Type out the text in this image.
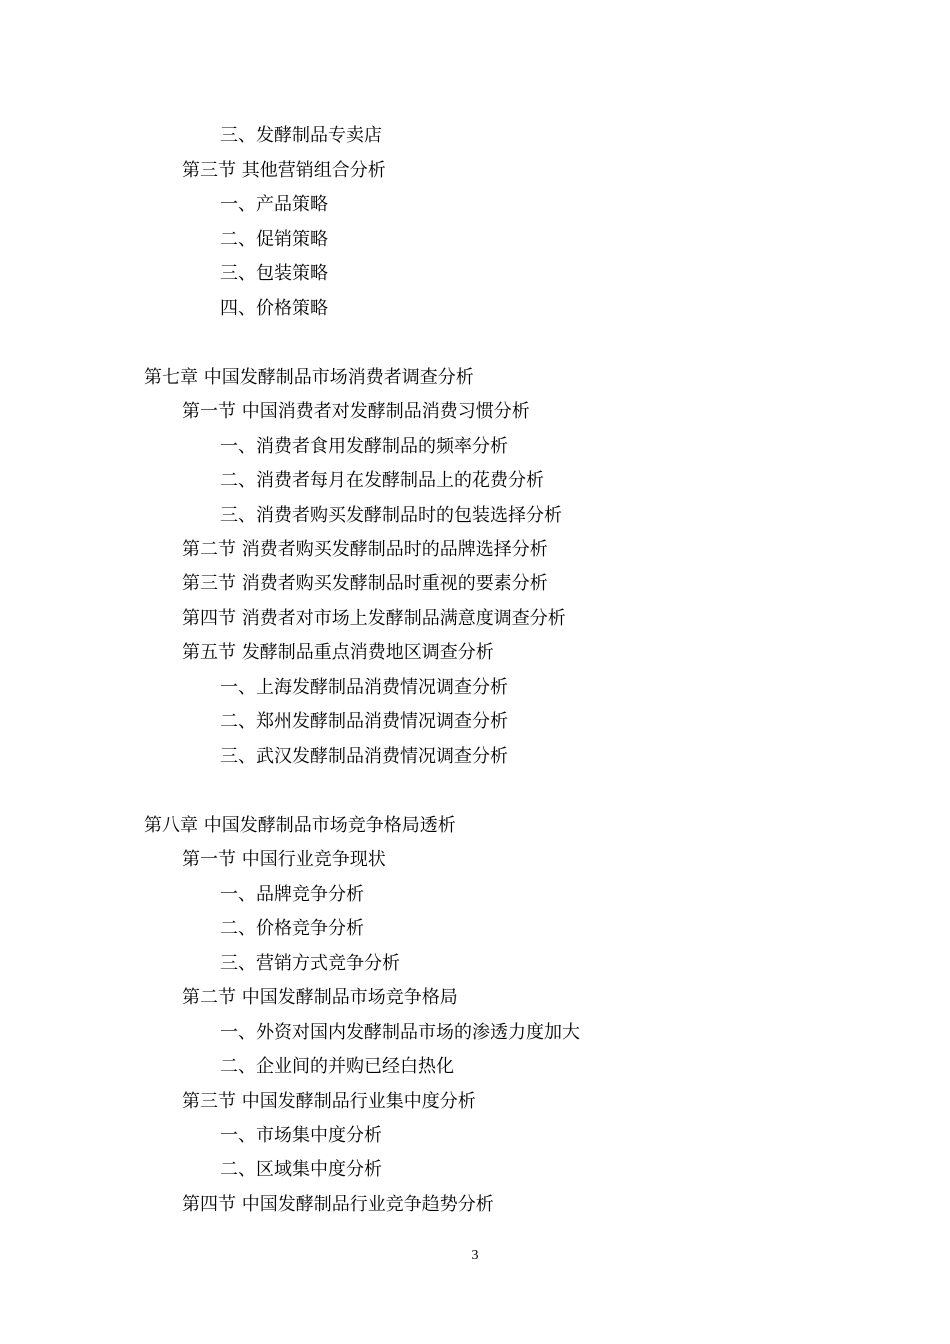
三、发酵制品专卖店
第三节 其他营销组合分析
一、产品策略
二、促销策略
三、包装策略
四、价格策略
第七章 中国发酵制品市场消费者调查分析
第一节 中国消费者对发酵制品消费习惯分析
一、消费者食用发酵制品的频率分析
二、消费者每月在发酵制品上的花费分析
三、消费者购买发酵制品时的包装选择分析
第二节 消费者购买发酵制品时的品牌选择分析
第三节 消费者购买发酵制品时重视的要素分析
第四节 消费者对市场上发酵制品满意度调查分析
第五节 发酵制品重点消费地区调查分析
一、上海发酵制品消费情况调查分析
二、郑州发酵制品消费情况调查分析
三、武汉发酵制品消费情况调查分析
第八章 中国发酵制品市场竞争格局透析
第一节 中国行业竞争现状
一、品牌竞争分析
二、价格竞争分析
三、营销方式竞争分析
第二节 中国发酵制品市场竞争格局
一、外资对国内发酵制品市场的渗透力度加大
二、企业间的并购已经白热化
第三节 中国发酵制品行业集中度分析
一、市场集中度分析
二、区域集中度分析
第四节 中国发酵制品行业竞争趋势分析
3
